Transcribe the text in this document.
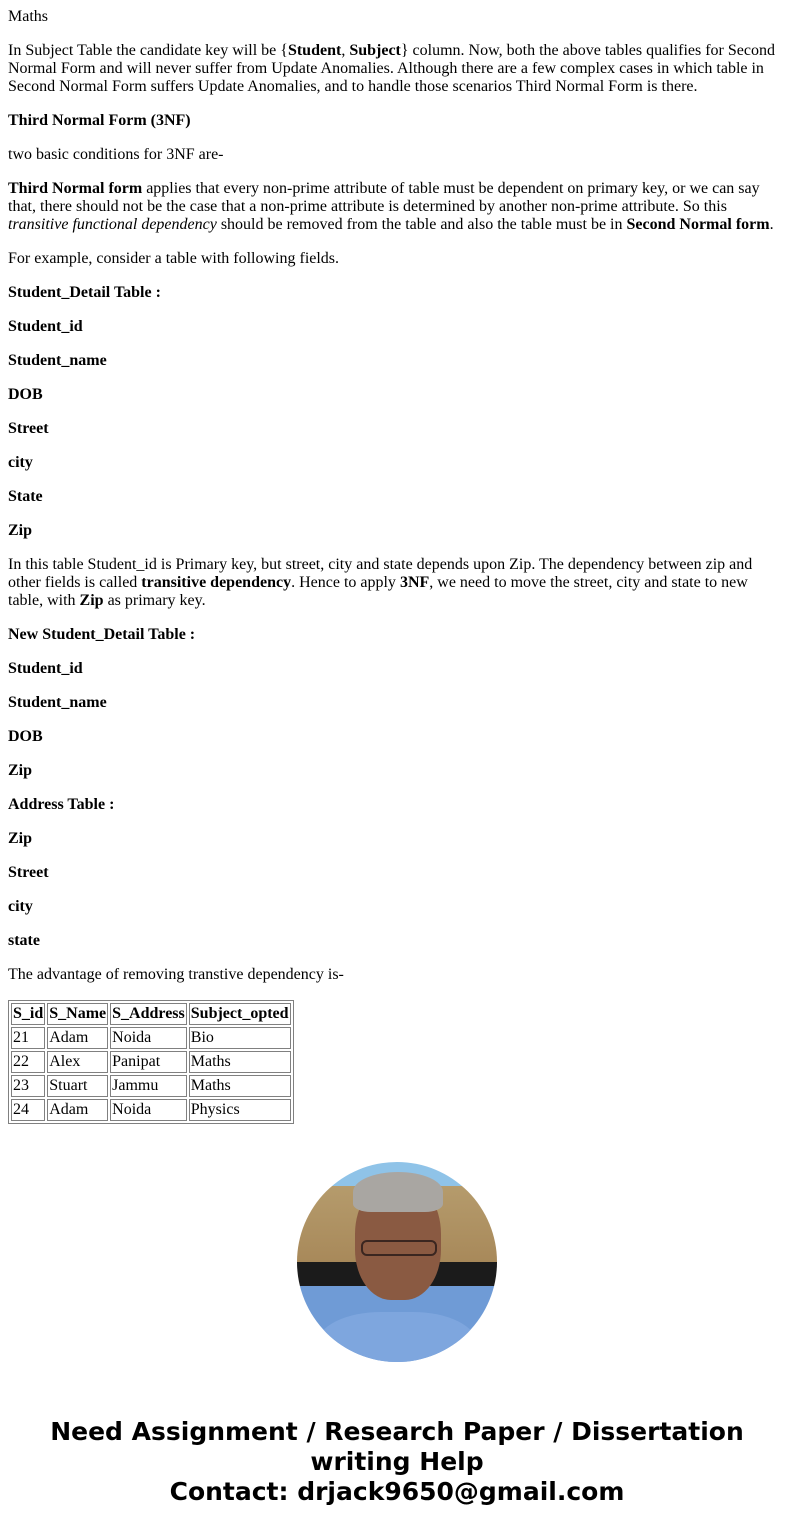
Maths

In Subject Table the candidate key will be {Student, Subject} column. Now, both the above tables qualifies for Second Normal Form and will never suffer from Update Anomalies. Although there are a few complex cases in which table in Second Normal Form suffers Update Anomalies, and to handle those scenarios Third Normal Form is there.

Third Normal Form (3NF)

two basic conditions for 3NF are-

Third Normal form applies that every non-prime attribute of table must be dependent on primary key, or we can say that, there should not be the case that a non-prime attribute is determined by another non-prime attribute. So this transitive functional dependency should be removed from the table and also the table must be in Second Normal form.

For example, consider a table with following fields.

Student_Detail Table :

Student_id

Student_name

DOB

Street

city

State

Zip

In this table Student_id is Primary key, but street, city and state depends upon Zip. The dependency between zip and other fields is called transitive dependency. Hence to apply 3NF, we need to move the street, city and state to new table, with Zip as primary key.

New Student_Detail Table :

Student_id

Student_name

DOB

Zip

Address Table :

Zip

Street

city

state

The advantage of removing transtive dependency is-

S_id	S_Name	S_Address	Subject_opted
21	Adam	Noida	Bio
22	Alex	Panipat	Maths
23	Stuart	Jammu	Maths
24	Adam	Noida	Physics
Need Assignment / Research Paper / Dissertation writing Help
Contact: drjack9650@gmail.com
